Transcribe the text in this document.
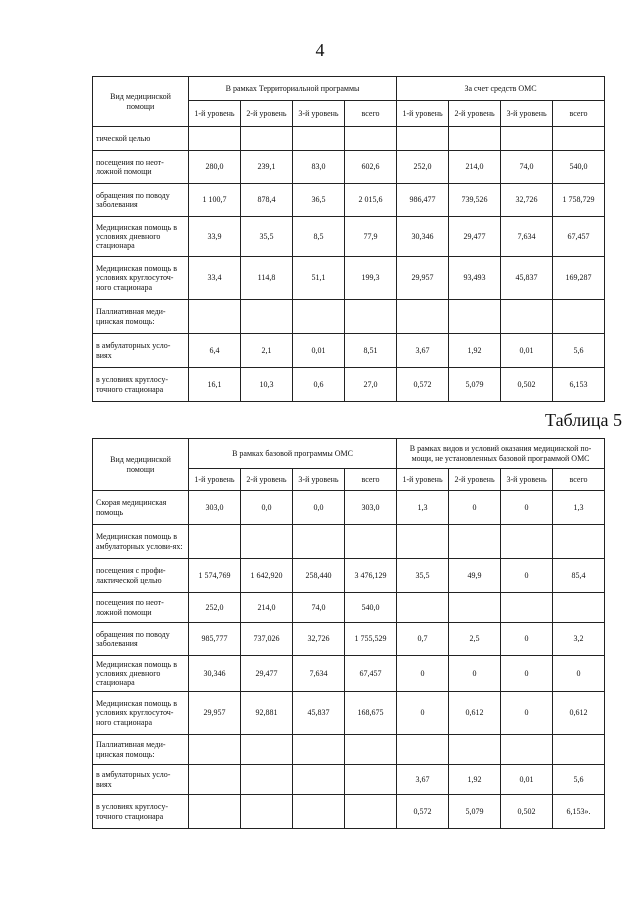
4
Вид медицинской помощи	В рамках Территориальной программы				За счет средств ОМС			
	1-й уровень	2-й уровень	3-й уровень	всего	1-й уровень	2-й уровень	3-й уровень	всего
тической целью								
посещения по неот-ложной помощи	280,0	239,1	83,0	602,6	252,0	214,0	74,0	540,0
обращения по поводу заболевания	1 100,7	878,4	36,5	2 015,6	986,477	739,526	32,726	1 758,729
Медицинская помощь в условиях дневного стационара	33,9	35,5	8,5	77,9	30,346	29,477	7,634	67,457
Медицинская помощь в условиях круглосуточ-ного стационара	33,4	114,8	51,1	199,3	29,957	93,493	45,837	169,287
Паллиативная меди-цинская помощь:								
в амбулаторных усло-виях	6,4	2,1	0,01	8,51	3,67	1,92	0,01	5,6
в условиях круглосу-точного стационара	16,1	10,3	0,6	27,0	0,572	5,079	0,502	6,153
Таблица 5
Вид медицинской помощи	В рамках базовой программы ОМС				В рамках видов и условий оказания медицинской по-мощи, не установленных базовой программой ОМС			
	1-й уровень	2-й уровень	3-й уровень	всего	1-й уровень	2-й уровень	3-й уровень	всего
Скорая медицинская помощь	303,0	0,0	0,0	303,0	1,3	0	0	1,3
Медицинская помощь в амбулаторных услови-ях:								
посещения с профи-лактической целью	1 574,769	1 642,920	258,440	3 476,129	35,5	49,9	0	85,4
посещения по неот-ложной помощи	252,0	214,0	74,0	540,0				
обращения по поводу заболевания	985,777	737,026	32,726	1 755,529	0,7	2,5	0	3,2
Медицинская помощь в условиях дневного стационара	30,346	29,477	7,634	67,457	0	0	0	0
Медицинская помощь в условиях круглосуточ-ного стационара	29,957	92,881	45,837	168,675	0	0,612	0	0,612
Паллиативная меди-цинская помощь:								
в амбулаторных усло-виях					3,67	1,92	0,01	5,6
в условиях круглосу-точного стационара					0,572	5,079	0,502	6,153».
